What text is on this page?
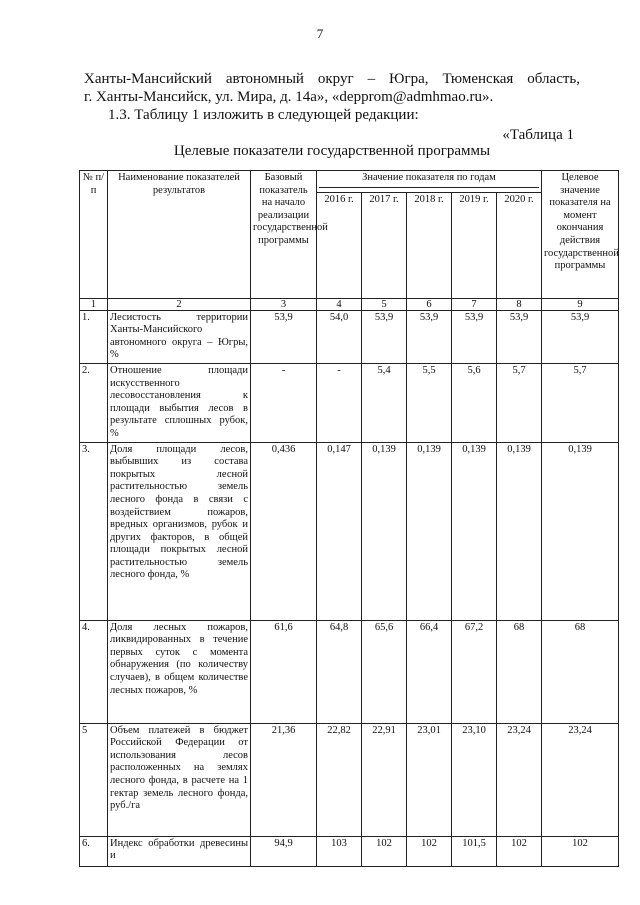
7
Ханты-Мансийский автономный округ – Югра, Тюменская область,
г. Ханты-Мансийск, ул. Мира, д. 14а», «depprom@admhmao.ru».
1.3. Таблицу 1 изложить в следующей редакции:
«Таблица 1
Целевые показатели государственной программы
№ п/п	Наименование показателей результатов	Базовый показатель на начало реализации государственной программы	Значение показателя по годам					Целевое значение показателя на момент окончания действия государственной программы
			2016 г.	2017 г.	2018 г.	2019 г.	2020 г.	
1	2	3	4	5	6	7	8	9
1.	Лесистость территории Ханты-Мансийского автономного округа – Югры, %	53,9	54,0	53,9	53,9	53,9	53,9	53,9
2.	Отношение площади искусственного лесовосстановления к площади выбытия лесов в результате сплошных рубок, %	-	-	5,4	5,5	5,6	5,7	5,7
3.	Доля площади лесов, выбывших из состава покрытых лесной растительностью земель лесного фонда в связи с воздействием пожаров, вредных организмов, рубок и других факторов, в общей площади покрытых лесной растительностью земель лесного фонда, %	0,436	0,147	0,139	0,139	0,139	0,139	0,139
4.	Доля лесных пожаров, ликвидированных в течение первых суток с момента обнаружения (по количеству случаев), в общем количестве лесных пожаров, %	61,6	64,8	65,6	66,4	67,2	68	68
5	Объем платежей в бюджет Российской Федерации от использования лесов расположенных на землях лесного фонда, в расчете на 1 гектар земель лесного фонда, руб./га	21,36	22,82	22,91	23,01	23,10	23,24	23,24
6.	Индекс обработки древесины и	94,9	103	102	102	101,5	102	102
